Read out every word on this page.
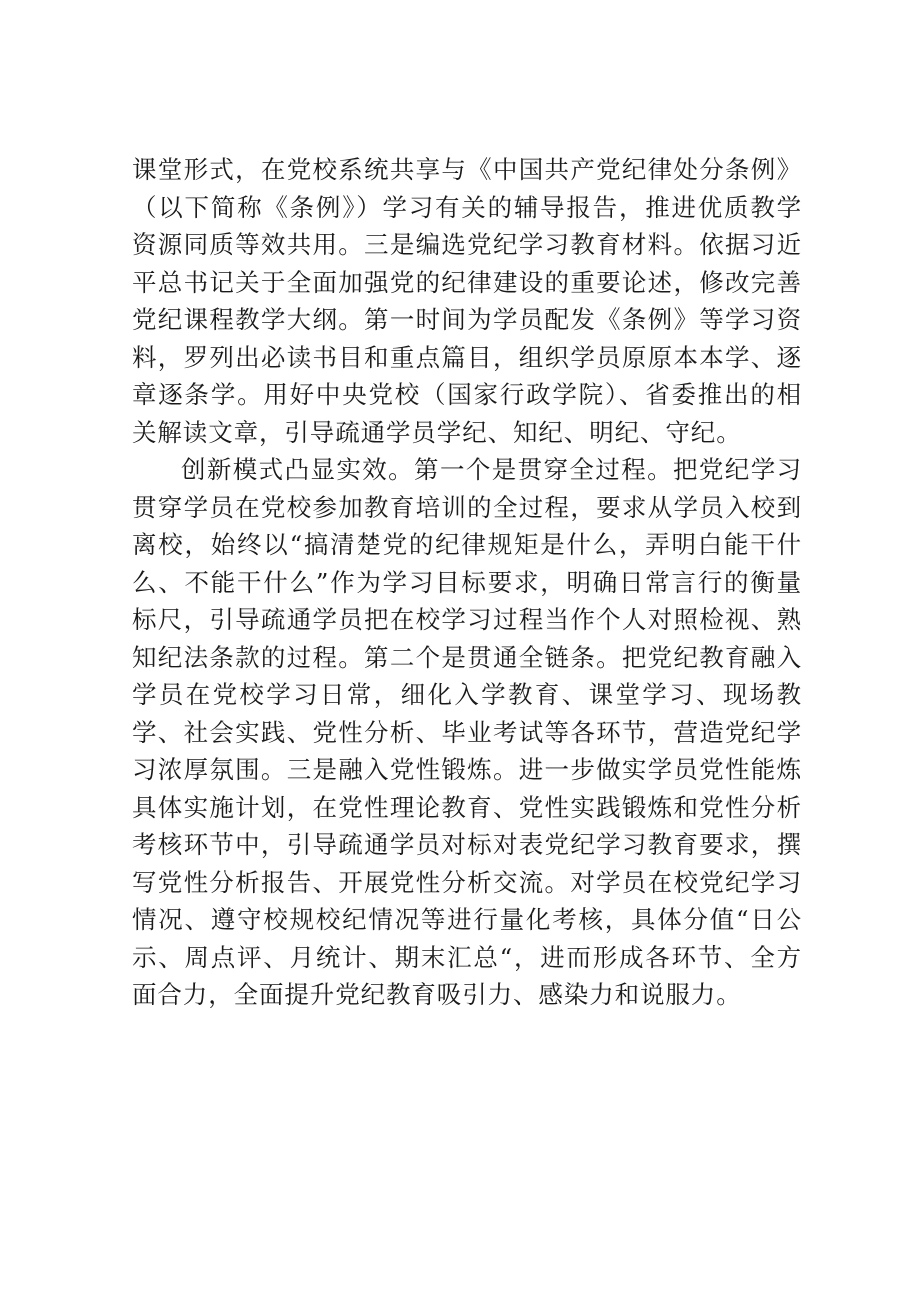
课堂形式，在党校系统共享与《中国共产党纪律处分条例》（以下简称《条例》）学习有关的辅导报告，推进优质教学资源同质等效共用。三是编选党纪学习教育材料。依据习近平总书记关于全面加强党的纪律建设的重要论述，修改完善党纪课程教学大纲。第一时间为学员配发《条例》等学习资料，罗列出必读书目和重点篇目，组织学员原原本本学、逐章逐条学。用好中央党校（国家行政学院）、省委推出的相关解读文章，引导疏通学员学纪、知纪、明纪、守纪。

创新模式凸显实效。第一个是贯穿全过程。把党纪学习贯穿学员在党校参加教育培训的全过程，要求从学员入校到离校，始终以“搞清楚党的纪律规矩是什么，弄明白能干什么、不能干什么”作为学习目标要求，明确日常言行的衡量标尺，引导疏通学员把在校学习过程当作个人对照检视、熟知纪法条款的过程。第二个是贯通全链条。把党纪教育融入学员在党校学习日常，细化入学教育、课堂学习、现场教学、社会实践、党性分析、毕业考试等各环节，营造党纪学习浓厚氛围。三是融入党性锻炼。进一步做实学员党性能炼具体实施计划，在党性理论教育、党性实践锻炼和党性分析考核环节中，引导疏通学员对标对表党纪学习教育要求，撰写党性分析报告、开展党性分析交流。对学员在校党纪学习情况、遵守校规校纪情况等进行量化考核，具体分值“日公示、周点评、月统计、期末汇总“，进而形成各环节、全方面合力，全面提升党纪教育吸引力、感染力和说服力。
